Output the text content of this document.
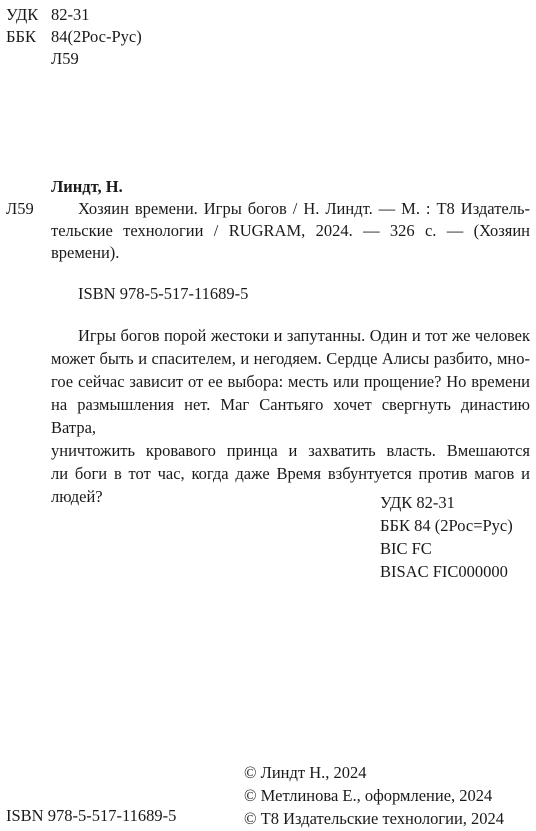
УДК 82-31
ББК 84(2Рос-Рус)
Л59
Линдт, Н.
Л59	Хозяин времени. Игры богов / Н. Линдт. — М. : Т8 Издатель-
тельские технологии / RUGRAM, 2024. — 326 с. — (Хозяин
времени).
ISBN 978-5-517-11689-5

Игры богов порой жестоки и запутанны. Один и тот же человек

может быть и спасителем, и негодяем. Сердце Алисы разбито, мно-

гое сейчас зависит от ее выбора: месть или прощение? Но времени

на размышления нет. Маг Сантьяго хочет свергнуть династию Ватра,

уничтожить кровавого принца и захватить власть. Вмешаются

ли боги в тот час, когда даже Время взбунтуется против магов и

людей?	УДК 82-31
ББК 84 (2Рос=Рус)
BIC FC
BISAC FIC000000
ISBN 978-5-517-11689-5
© Линдт Н., 2024
© Метлинова Е., оформление, 2024
© Т8 Издательские технологии, 2024
